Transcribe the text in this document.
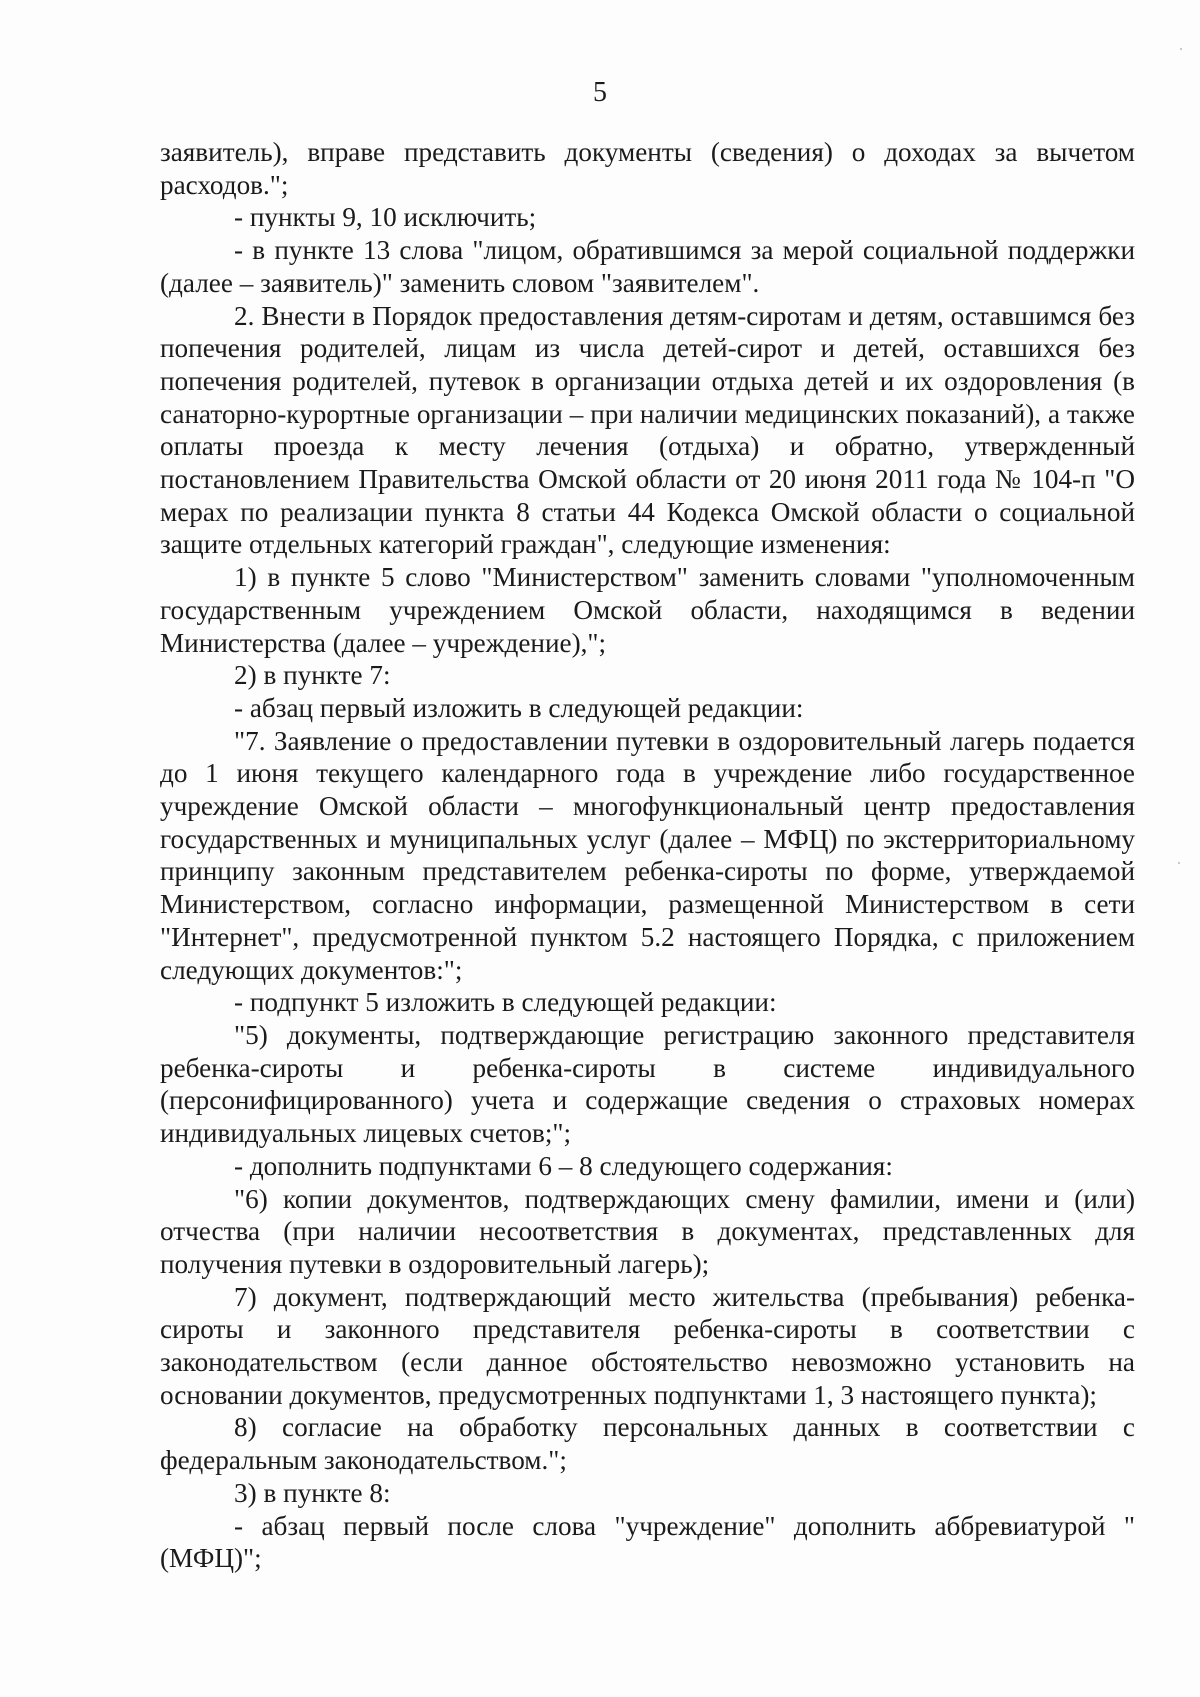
5

заявитель), вправе представить документы (сведения) о доходах за вычетом расходов.";

- пункты 9, 10 исключить;

- в пункте 13 слова "лицом, обратившимся за мерой социальной поддержки (далее – заявитель)" заменить словом "заявителем".

2. Внести в Порядок предоставления детям-сиротам и детям, оставшимся без попечения родителей, лицам из числа детей-сирот и детей, оставшихся без попечения родителей, путевок в организации отдыха детей и их оздоровления (в санаторно-курортные организации – при наличии медицинских показаний), а также оплаты проезда к месту лечения (отдыха) и обратно, утвержденный постановлением Правительства Омской области от 20 июня 2011 года № 104-п "О мерах по реализации пункта 8 статьи 44 Кодекса Омской области о социальной защите отдельных категорий граждан", следующие изменения:

1) в пункте 5 слово "Министерством" заменить словами "уполномоченным государственным учреждением Омской области, находящимся в ведении Министерства (далее – учреждение),";

2) в пункте 7:

- абзац первый изложить в следующей редакции:

"7. Заявление о предоставлении путевки в оздоровительный лагерь подается до 1 июня текущего календарного года в учреждение либо государственное учреждение Омской области – многофункциональный центр предоставления государственных и муниципальных услуг (далее – МФЦ) по экстерриториальному принципу законным представителем ребенка-сироты по форме, утверждаемой Министерством, согласно информации, размещенной Министерством в сети "Интернет", предусмотренной пунктом 5.2 настоящего Порядка, с приложением следующих документов:";

- подпункт 5 изложить в следующей редакции:

"5) документы, подтверждающие регистрацию законного представителя ребенка-сироты и ребенка-сироты в системе индивидуального (персонифицированного) учета и содержащие сведения о страховых номерах индивидуальных лицевых счетов;";

- дополнить подпунктами 6 – 8 следующего содержания:

"6) копии документов, подтверждающих смену фамилии, имени и (или) отчества (при наличии несоответствия в документах, представленных для получения путевки в оздоровительный лагерь);

7) документ, подтверждающий место жительства (пребывания) ребенка-сироты и законного представителя ребенка-сироты в соответствии с законодательством (если данное обстоятельство невозможно установить на основании документов, предусмотренных подпунктами 1, 3 настоящего пункта);

8) согласие на обработку персональных данных в соответствии с федеральным законодательством.";

3) в пункте 8:

- абзац первый после слова "учреждение" дополнить аббревиатурой "(МФЦ)";
